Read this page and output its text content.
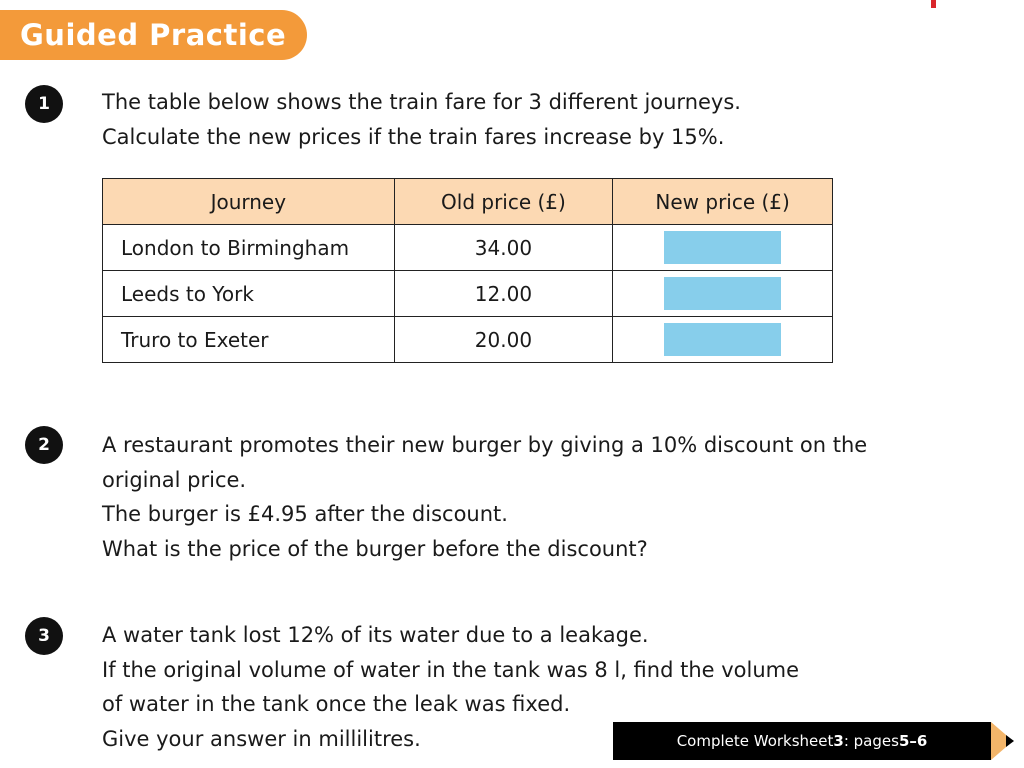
Guided Practice
1	The table below shows the train fare for 3 different journeys.
Calculate the new prices if the train fares increase by 15%.
Journey	Old price (£)	New price (£)
London to Birmingham	34.00	
Leeds to York	12.00	
Truro to Exeter	20.00	
2	A restaurant promotes their new burger by giving a 10% discount on the
original price.
The burger is £4.95 after the discount.
What is the price of the burger before the discount?
3	A water tank lost 12% of its water due to a leakage.
If the original volume of water in the tank was 8 l, find the volume
of water in the tank once the leak was fixed.
Give your answer in millilitres.	Complete Worksheet 3 : pages 5–6
